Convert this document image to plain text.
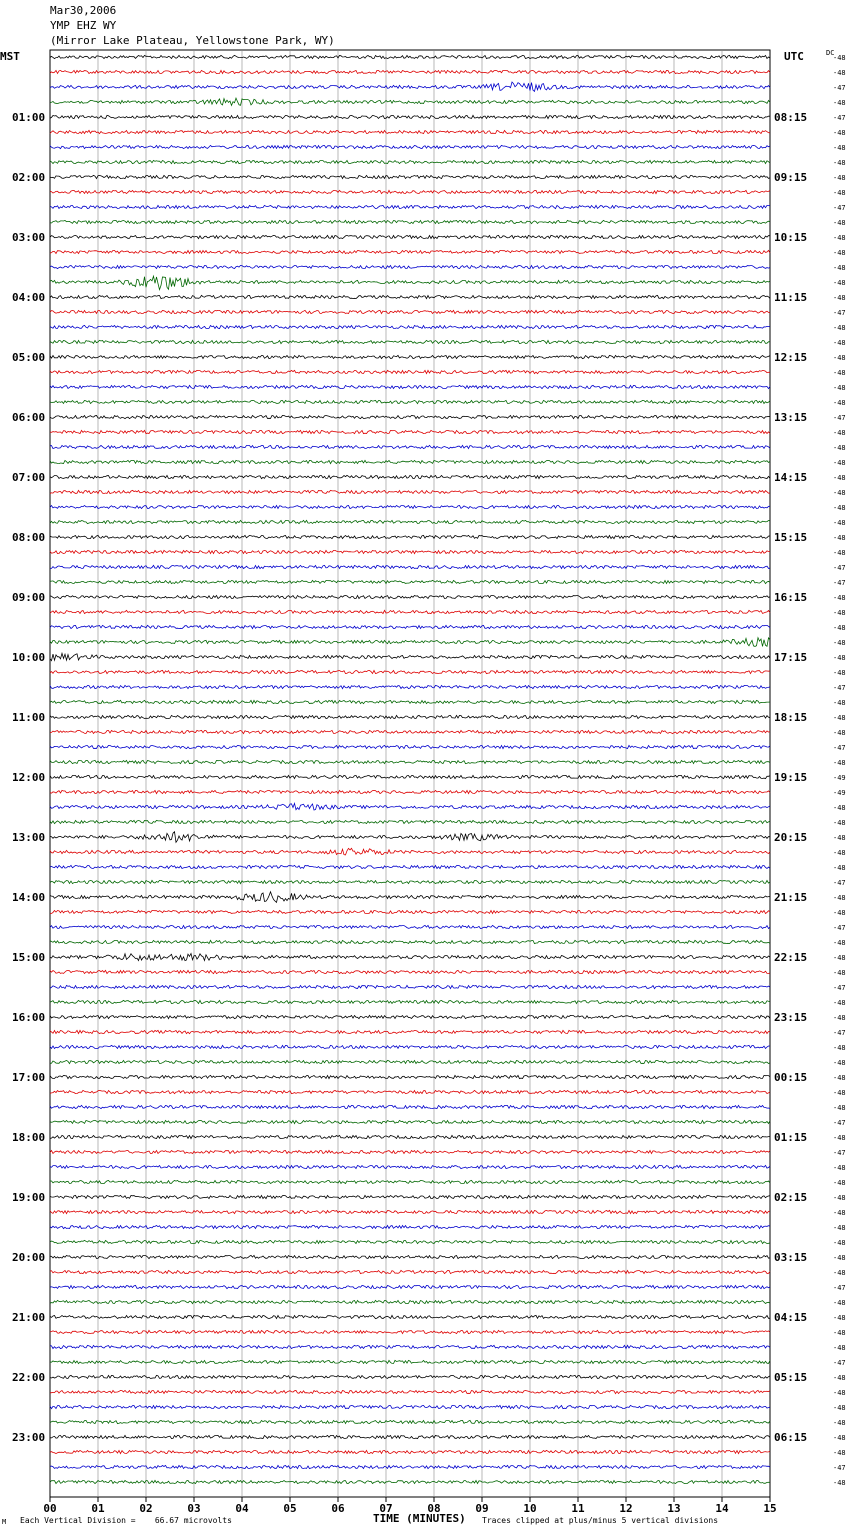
Mar30,2006
YMP EHZ WY
(Mirror Lake Plateau, Yellowstone Park, WY)
MST	UTC	DC
00	01	02	03	04	05	06	07	08	09	10	11	12	13	14	15
-48
-48
-47
-48
-47
-48
-48
-48
-48
-48
-47
-48
-48
-48
-48
-48
-48
-47
-48
-48
-48
-48
-48
-48
-47
-48
-48
-48
-48
-48
-48
-48
-48
-48
-47
-47
-48
-48
-48
-48
-48
-48
-47
-48
-48
-48
-47
-48
-49
-49
-48
-48
-48
-48
-48
-47
-48
-48
-47
-48
-48
-48
-47
-48
-48
-47
-48
-48
-48
-48
-48
-47
-48
-47
-48
-48
-48
-48
-48
-48
-48
-48
-47
-48
-48
-48
-48
-47
-48
-48
-48
-48
-48
-48
-47
-48
01:00
02:00
03:00
04:00
05:00
06:00
07:00
08:00
09:00
10:00
11:00
12:00
13:00
14:00
15:00
16:00
17:00
18:00
19:00
20:00
21:00
22:00
23:00
08:15
09:15
10:15
11:15
12:15
13:15
14:15
15:15
16:15
17:15
18:15
19:15
20:15
21:15
22:15
23:15
00:15
01:15
02:15
03:15
04:15
05:15
06:15
M Each Vertical Division =    66.67 microvolts	TIME (MINUTES) Traces clipped at plus/minus 5 vertical divisions
